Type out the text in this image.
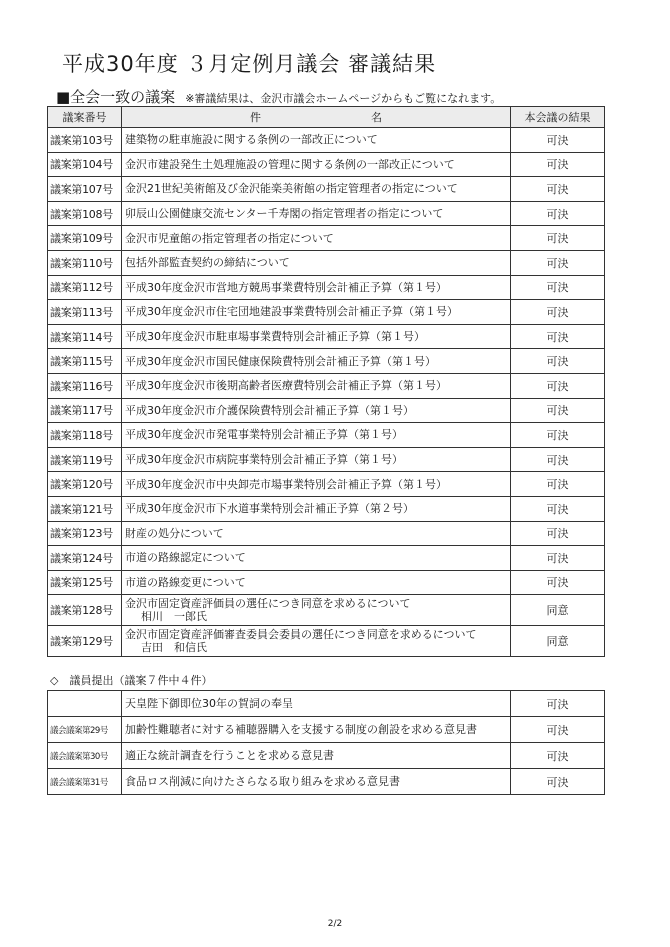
平成30年度 ３月定例月議会 審議結果
■全会一致の議案 ※審議結果は、金沢市議会ホームページからもご覧になれます。
議案番号	件　　　　　　　　　　名	本会議の結果
議案第103号	建築物の駐車施設に関する条例の一部改正について	可決
議案第104号	金沢市建設発生土処理施設の管理に関する条例の一部改正について	可決
議案第107号	金沢21世紀美術館及び金沢能楽美術館の指定管理者の指定について	可決
議案第108号	卯辰山公園健康交流センター千寿閣の指定管理者の指定について	可決
議案第109号	金沢市児童館の指定管理者の指定について	可決
議案第110号	包括外部監査契約の締結について	可決
議案第112号	平成30年度金沢市営地方競馬事業費特別会計補正予算（第１号）	可決
議案第113号	平成30年度金沢市住宅団地建設事業費特別会計補正予算（第１号）	可決
議案第114号	平成30年度金沢市駐車場事業費特別会計補正予算（第１号）	可決
議案第115号	平成30年度金沢市国民健康保険費特別会計補正予算（第１号）	可決
議案第116号	平成30年度金沢市後期高齢者医療費特別会計補正予算（第１号）	可決
議案第117号	平成30年度金沢市介護保険費特別会計補正予算（第１号）	可決
議案第118号	平成30年度金沢市発電事業特別会計補正予算（第１号）	可決
議案第119号	平成30年度金沢市病院事業特別会計補正予算（第１号）	可決
議案第120号	平成30年度金沢市中央卸売市場事業特別会計補正予算（第１号）	可決
議案第121号	平成30年度金沢市下水道事業特別会計補正予算（第２号）	可決
議案第123号	財産の処分について	可決
議案第124号	市道の路線認定について	可決
議案第125号	市道の路線変更について	可決
議案第128号	金沢市固定資産評価員の選任につき同意を求めるについて
相川　一郎氏	同意
議案第129号	金沢市固定資産評価審査委員会委員の選任につき同意を求めるについて
吉田　和信氏	同意
◇　議員提出（議案７件中４件）
	天皇陛下御即位30年の賀詞の奉呈	可決
議会議案第29号	加齢性難聴者に対する補聴器購入を支援する制度の創設を求める意見書	可決
議会議案第30号	適正な統計調査を行うことを求める意見書	可決
議会議案第31号	食品ロス削減に向けたさらなる取り組みを求める意見書	可決
2/2
